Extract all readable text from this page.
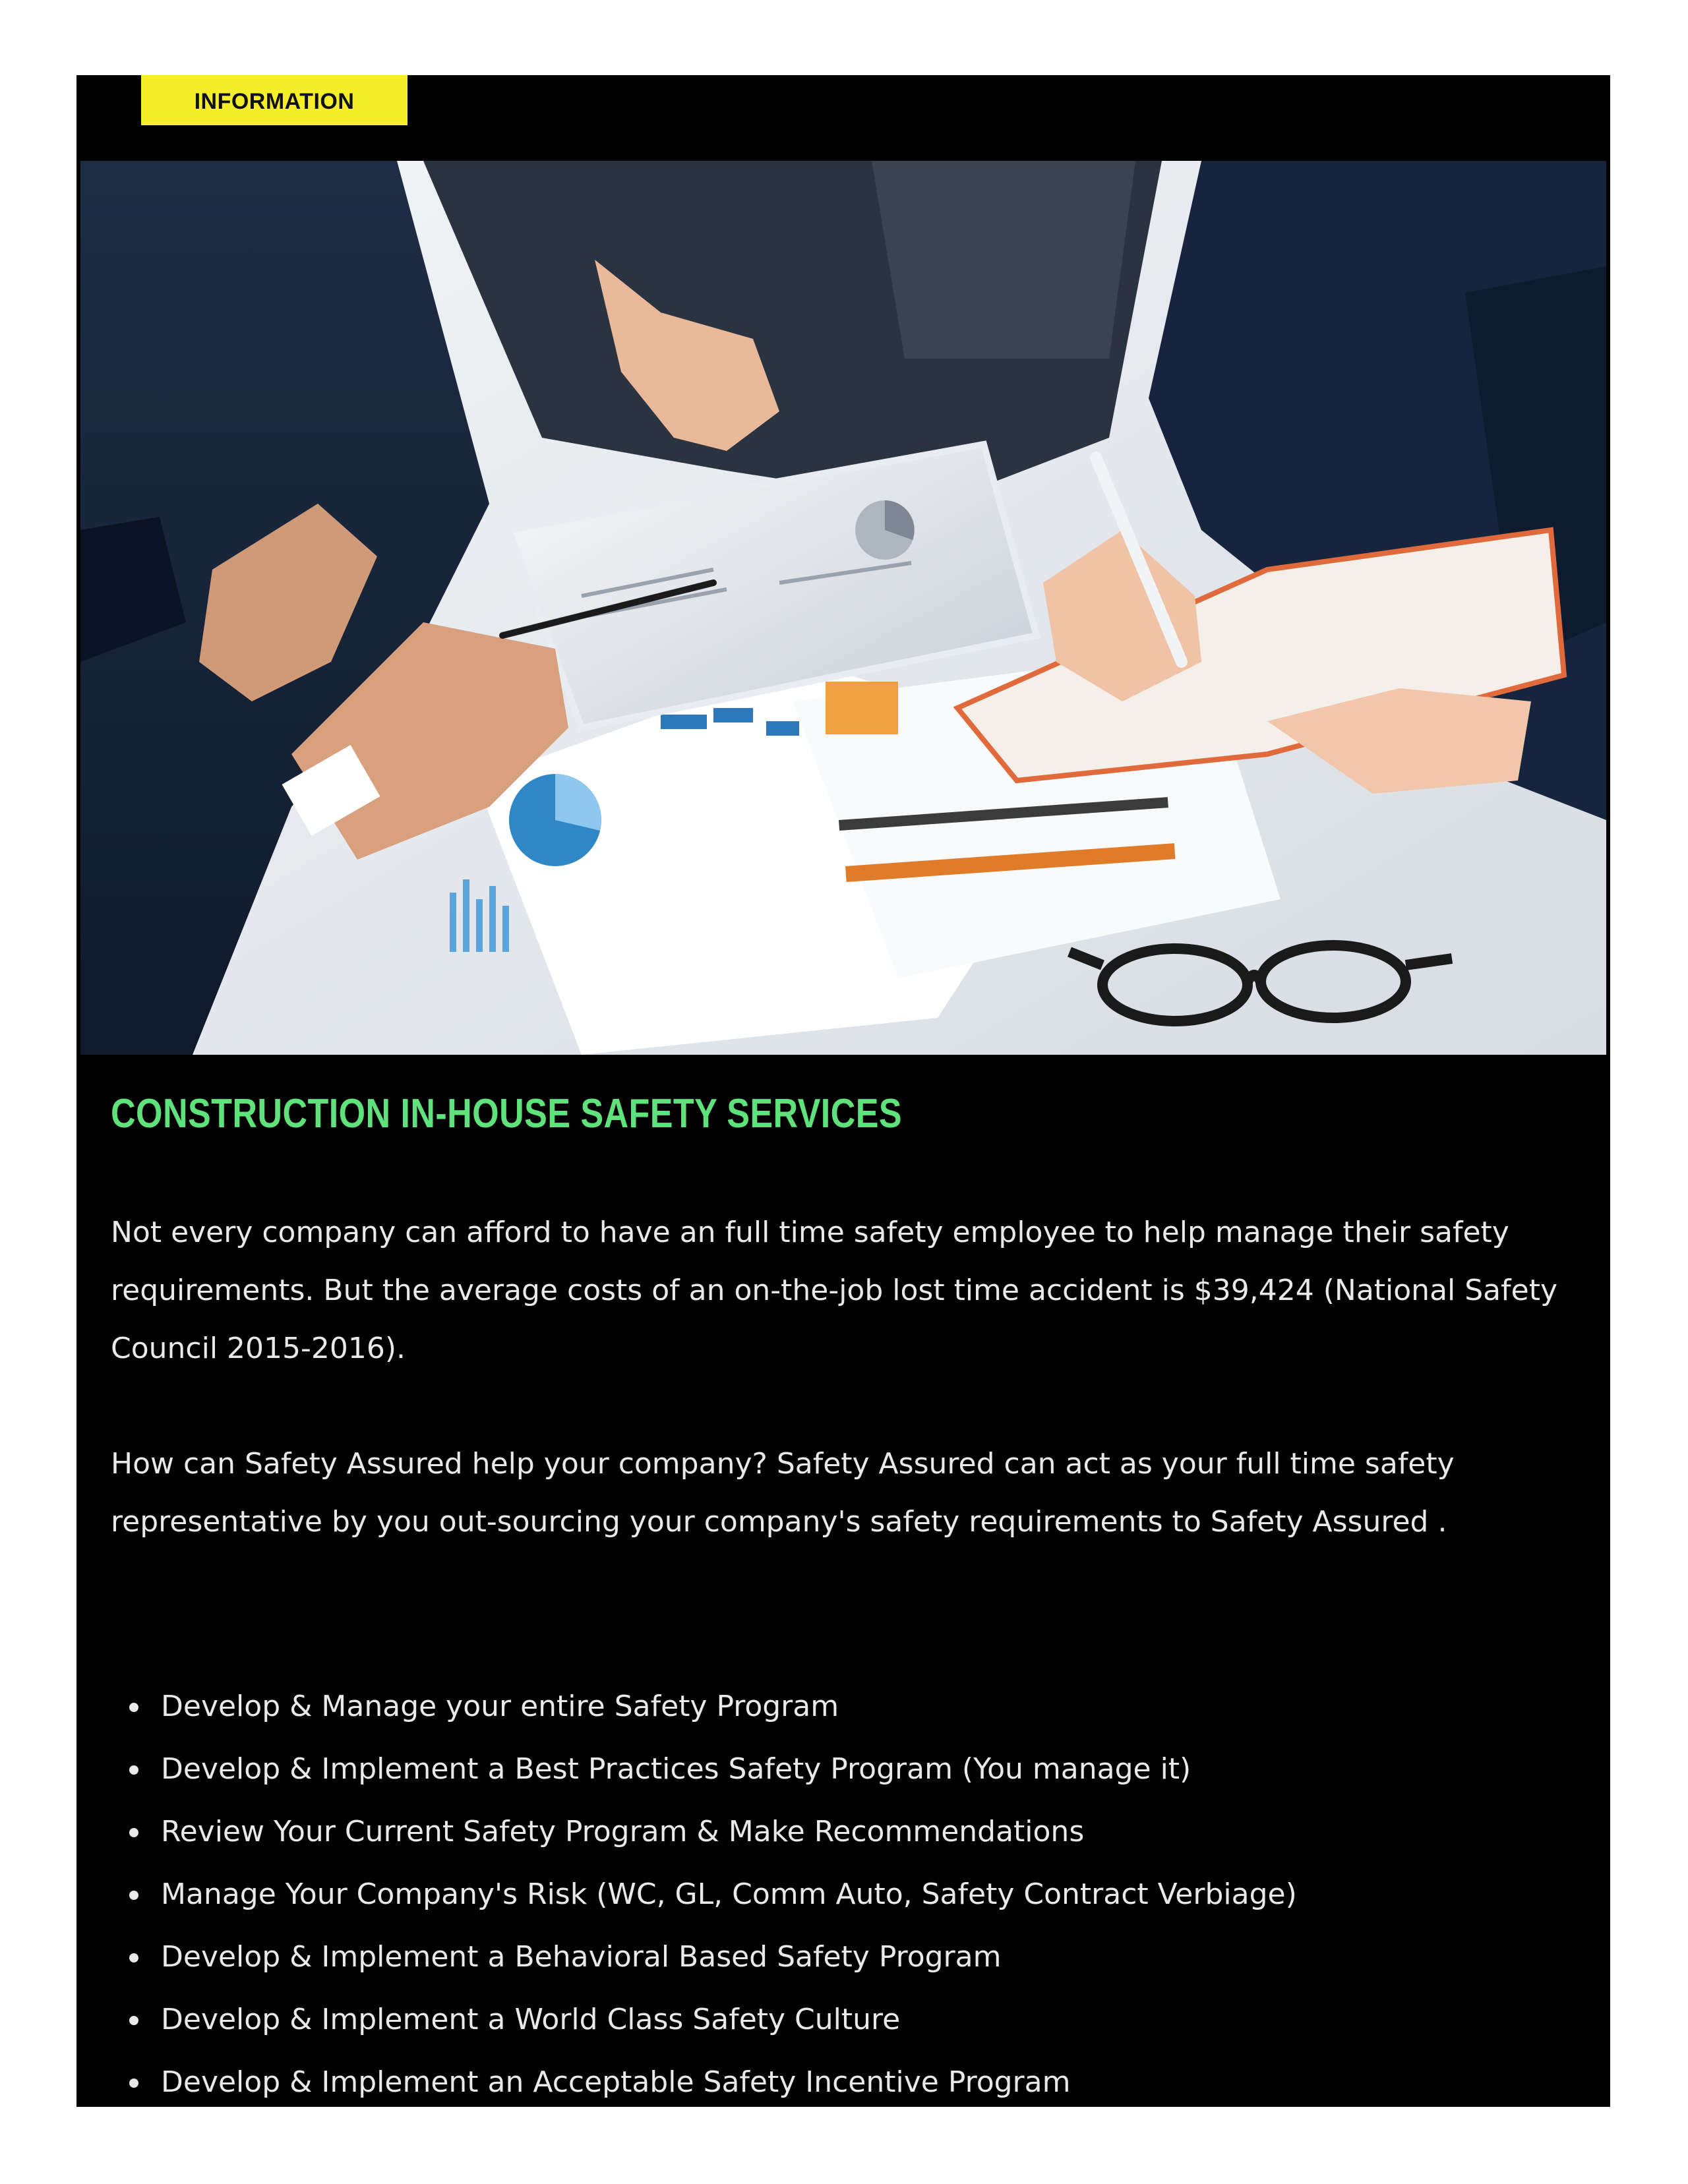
INFORMATION
CONSTRUCTION IN-HOUSE SAFETY SERVICES

Not every company can afford to have an full time safety employee to help manage their safety requirements. But the average costs of an on-the-job lost time accident is $39,424 (National Safety Council 2015-2016).

How can Safety Assured help your company? Safety Assured can act as your full time safety representative by you out-sourcing your company's safety requirements to Safety Assured .

Develop & Manage your entire Safety Program
Develop & Implement a Best Practices Safety Program (You manage it)
Review Your Current Safety Program & Make Recommendations
Manage Your Company's Risk (WC, GL, Comm Auto, Safety Contract Verbiage)
Develop & Implement a Behavioral Based Safety Program
Develop & Implement a World Class Safety Culture
Develop & Implement an Acceptable Safety Incentive Program
